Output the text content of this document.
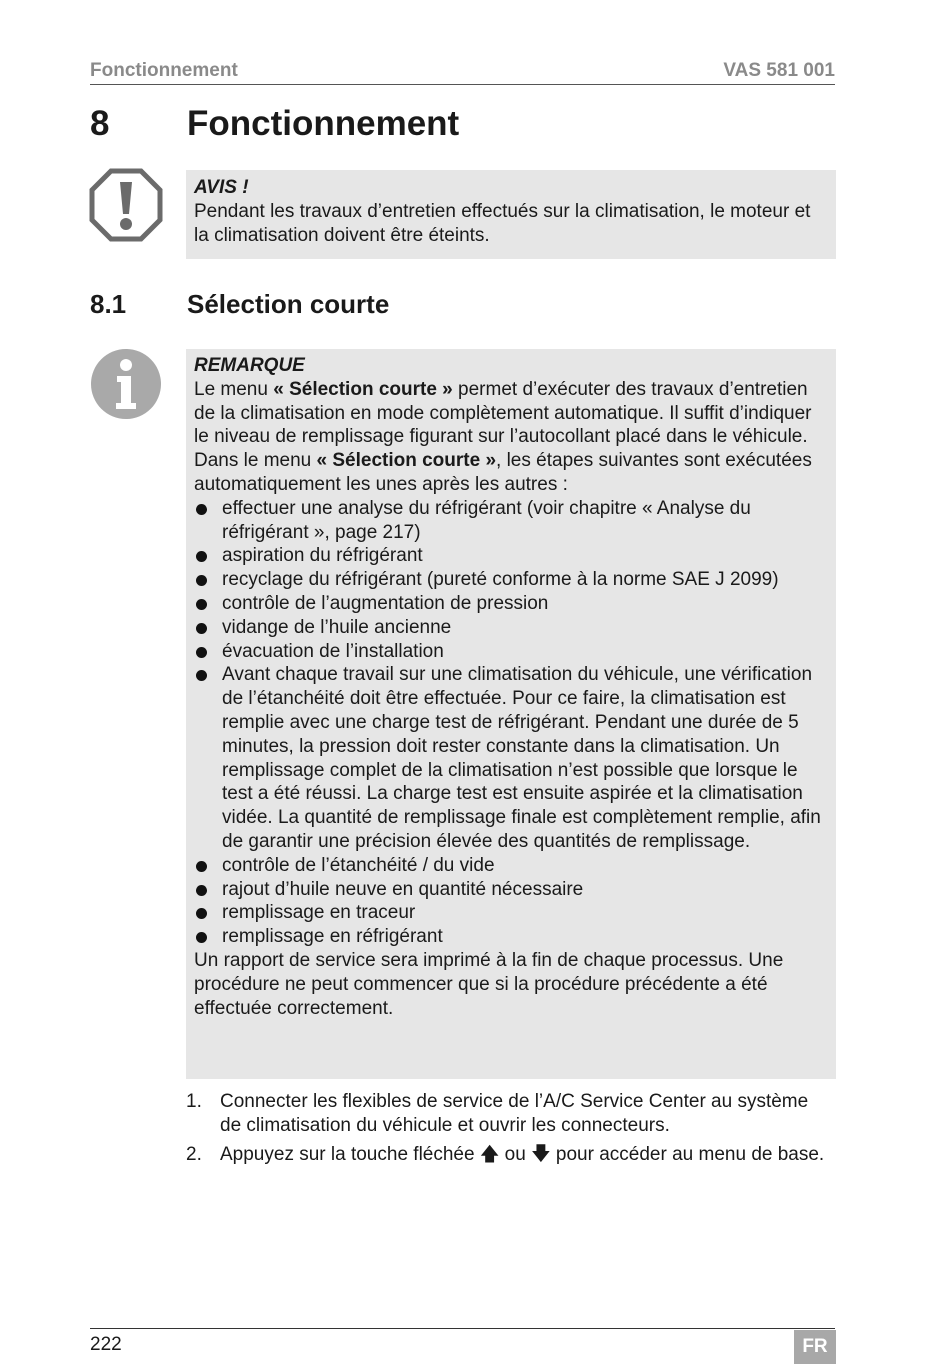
Fonctionnement	VAS 581 001
8 Fonctionnement
AVIS !
Pendant les travaux d’entretien effectués sur la climatisation, le moteur et la climatisation doivent être éteints.
8.1 Sélection courte

REMARQUE

Le menu « Sélection courte » permet d’exécuter des travaux d’entretien de la climatisation en mode complètement automatique. Il suffit d’indiquer le niveau de remplissage figurant sur l’autocollant placé dans le véhicule.

Dans le menu « Sélection courte », les étapes suivantes sont exécutées automatiquement les unes après les autres :

effectuer une analyse du réfrigérant (voir chapitre « Analyse du réfrigérant », page 217)
aspiration du réfrigérant
recyclage du réfrigérant (pureté conforme à la norme SAE J 2099)
contrôle de l’augmentation de pression
vidange de l’huile ancienne
évacuation de l’installation
Avant chaque travail sur une climatisation du véhicule, une vérification de l’étanchéité doit être effectuée. Pour ce faire, la climatisation est remplie avec une charge test de réfrigérant. Pendant une durée de 5 minutes, la pression doit rester constante dans la climatisation. Un remplissage complet de la climatisation n’est possible que lorsque le test a été réussi. La charge test est ensuite aspirée et la climatisation vidée. La quantité de remplissage finale est complètement remplie, afin de garantir une précision élevée des quantités de remplissage.
contrôle de l’étanchéité / du vide
rajout d’huile neuve en quantité nécessaire
remplissage en traceur
remplissage en réfrigérant

Un rapport de service sera imprimé à la fin de chaque processus. Une procédure ne peut commencer que si la procédure précédente a été effectuée correctement.

1. Connecter les flexibles de service de l’A/C Service Center au système de climatisation du véhicule et ouvrir les connecteurs.
2. Appuyez sur la touche fléchée 🡅 ou 🡇 pour accéder au menu de base.
222	FR
